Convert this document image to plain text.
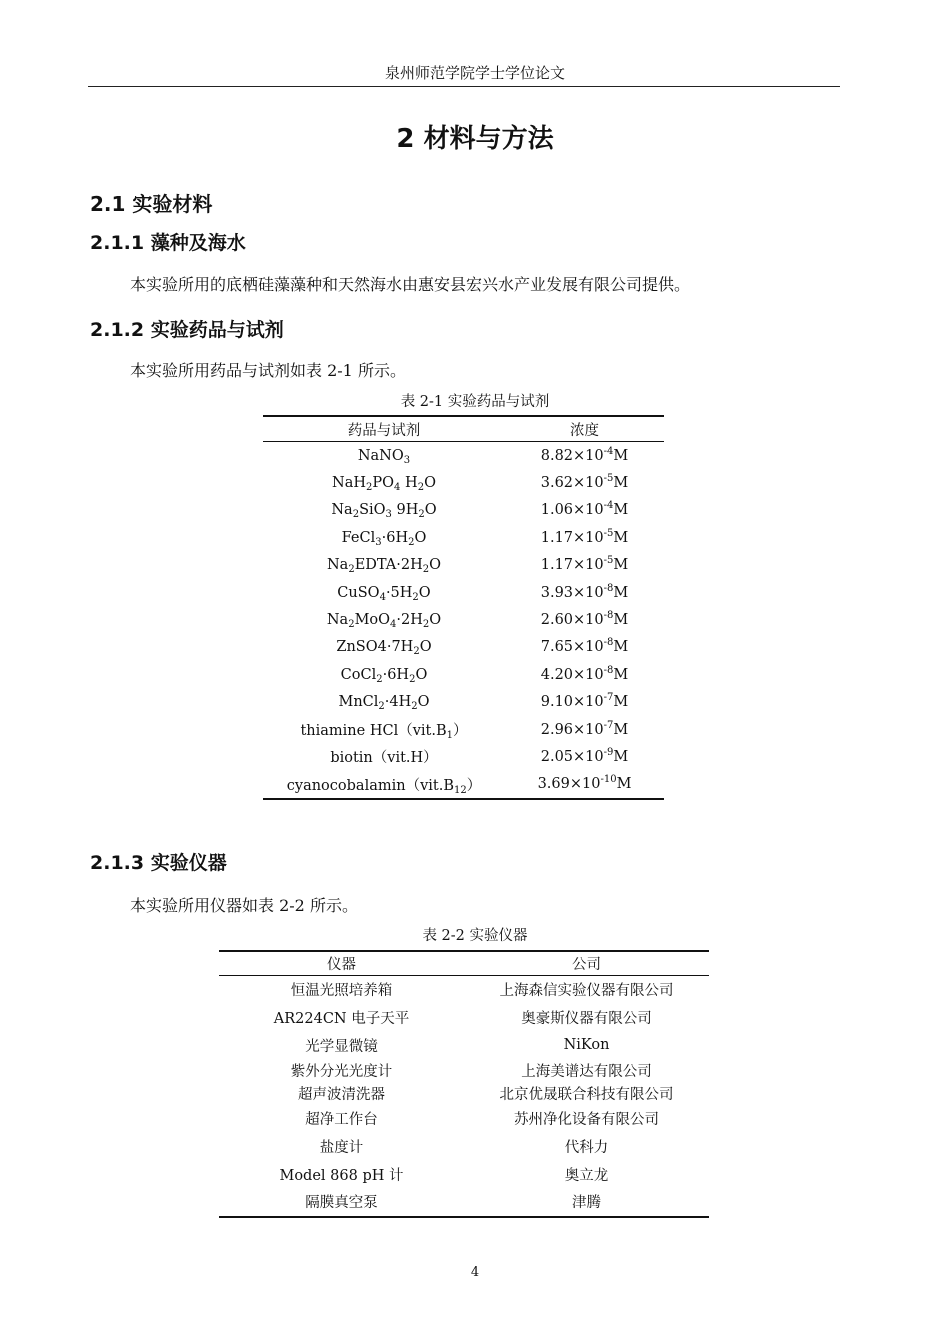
泉州师范学院学士学位论文
2 材料与方法
2.1 实验材料
2.1.1 藻种及海水
本实验所用的底栖硅藻藻种和天然海水由惠安县宏兴水产业发展有限公司提供。
2.1.2 实验药品与试剂
本实验所用药品与试剂如表 2-1 所示。
表 2-1 实验药品与试剂
药品与试剂	浓度
NaNO$_3$	$8.82\times 10^{-4}M$
$NaH_2PO_4$ $H_2O$	$3.62\times 10^{-5}M$
$Na_2SiO_3$ $9H_2O$	$1.06\times 10^{-4}M$
$FeCl_3\cdot 6H_2O$	$1.17\times 10^{-5}M$
$Na_2EDTA\cdot 2H_2O$	$1.17\times 10^{-5}M$
$CuSO_4\cdot 5H_2O$	$3.93\times 10^{-8}M$
$Na_2MoO_4\cdot 2H_2O$	$2.60\times 10^{-8}M$
$ZnSO4\cdot 7H_2O$	$7.65\times 10^{-8}M$
$CoCl_2\cdot 6H_2O$	$4.20\times 10^{-8}M$
$MnCl_2\cdot 4H_2O$	$9.10\times 10^{-7}M$
thiamine $HCl(vit.B_1)$	$2.96\times 10^{-7}M$
biotin（vit.H）	$2.05\times 10^{-9}M$
$cyanocobalamin(vit.B_{12})$	$3.69\times 10^{-10}M$
2.1.3 实验仪器
本实验所用仪器如表 2-2 所示。
表 2-2 实验仪器
仪器	公司
恒温光照培养箱	上海森信实验仪器有限公司
AR224CN 电子天平	奥豪斯仪器有限公司
光学显微镜	NiKon
紫外分光光度计	上海美谱达有限公司
超声波清洗器	北京优晟联合科技有限公司
超净工作台	苏州净化设备有限公司
盐度计	代科力
Model 868 pH 计	奥立龙
隔膜真空泵	津腾
4
